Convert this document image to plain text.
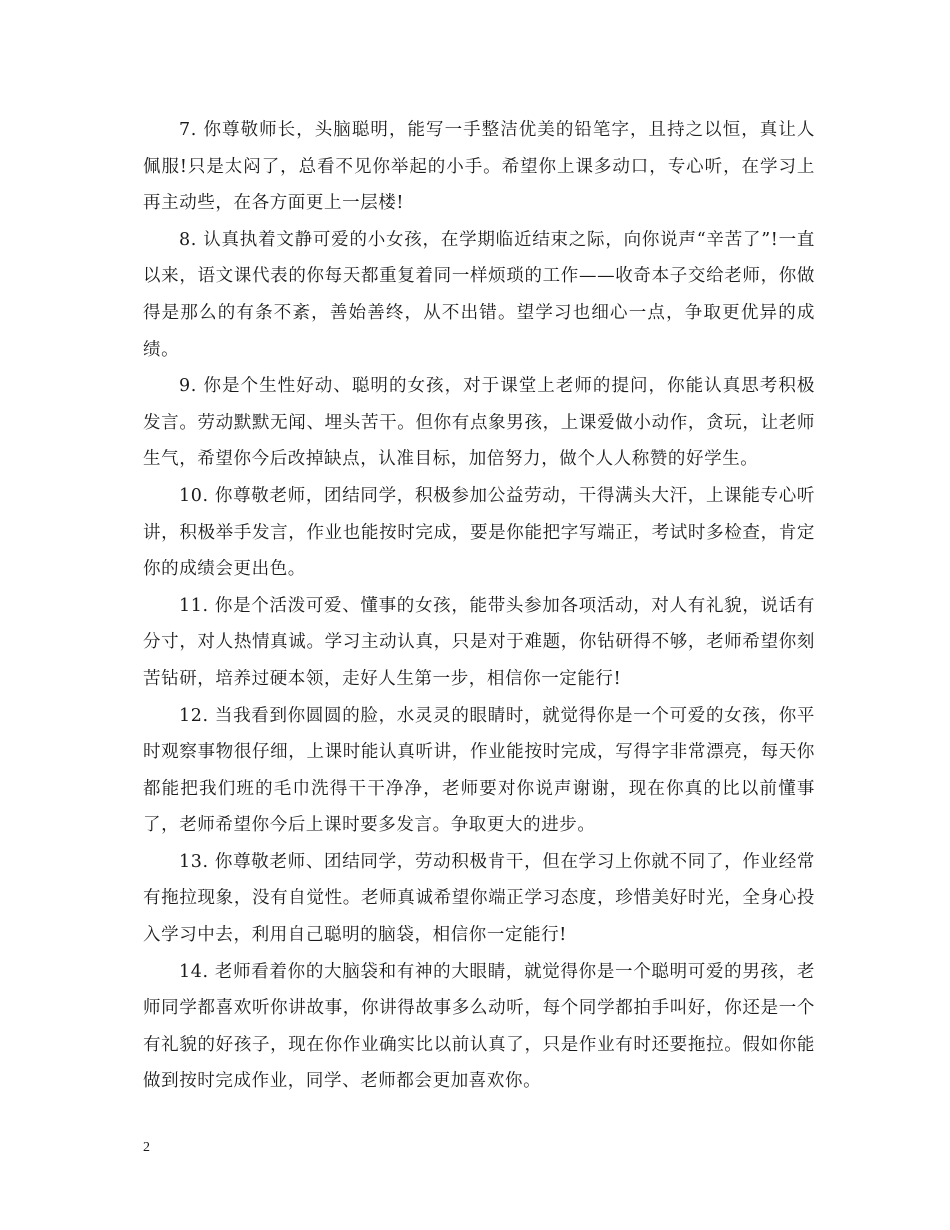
7. 你尊敬师长，头脑聪明，能写一手整洁优美的铅笔字，且持之以恒，真让人佩服!只是太闷了，总看不见你举起的小手。希望你上课多动口，专心听，在学习上再主动些，在各方面更上一层楼!

8. 认真执着文静可爱的小女孩，在学期临近结束之际，向你说声“辛苦了”!一直以来，语文课代表的你每天都重复着同一样烦琐的工作——收奇本子交给老师，你做得是那么的有条不紊，善始善终，从不出错。望学习也细心一点，争取更优异的成绩。

9. 你是个生性好动、聪明的女孩，对于课堂上老师的提问，你能认真思考积极发言。劳动默默无闻、埋头苦干。但你有点象男孩，上课爱做小动作，贪玩，让老师生气，希望你今后改掉缺点，认准目标，加倍努力，做个人人称赞的好学生。

10. 你尊敬老师，团结同学，积极参加公益劳动，干得满头大汗，上课能专心听讲，积极举手发言，作业也能按时完成，要是你能把字写端正，考试时多检查，肯定你的成绩会更出色。

11. 你是个活泼可爱、懂事的女孩，能带头参加各项活动，对人有礼貌，说话有分寸，对人热情真诚。学习主动认真，只是对于难题，你钻研得不够，老师希望你刻苦钻研，培养过硬本领，走好人生第一步，相信你一定能行!

12. 当我看到你圆圆的脸，水灵灵的眼睛时，就觉得你是一个可爱的女孩，你平时观察事物很仔细，上课时能认真听讲，作业能按时完成，写得字非常漂亮，每天你都能把我们班的毛巾洗得干干净净，老师要对你说声谢谢，现在你真的比以前懂事了，老师希望你今后上课时要多发言。争取更大的进步。

13. 你尊敬老师、团结同学，劳动积极肯干，但在学习上你就不同了，作业经常有拖拉现象，没有自觉性。老师真诚希望你端正学习态度，珍惜美好时光，全身心投入学习中去，利用自己聪明的脑袋，相信你一定能行!

14. 老师看着你的大脑袋和有神的大眼睛，就觉得你是一个聪明可爱的男孩，老师同学都喜欢听你讲故事，你讲得故事多么动听，每个同学都拍手叫好，你还是一个有礼貌的好孩子，现在你作业确实比以前认真了，只是作业有时还要拖拉。假如你能做到按时完成作业，同学、老师都会更加喜欢你。

2
